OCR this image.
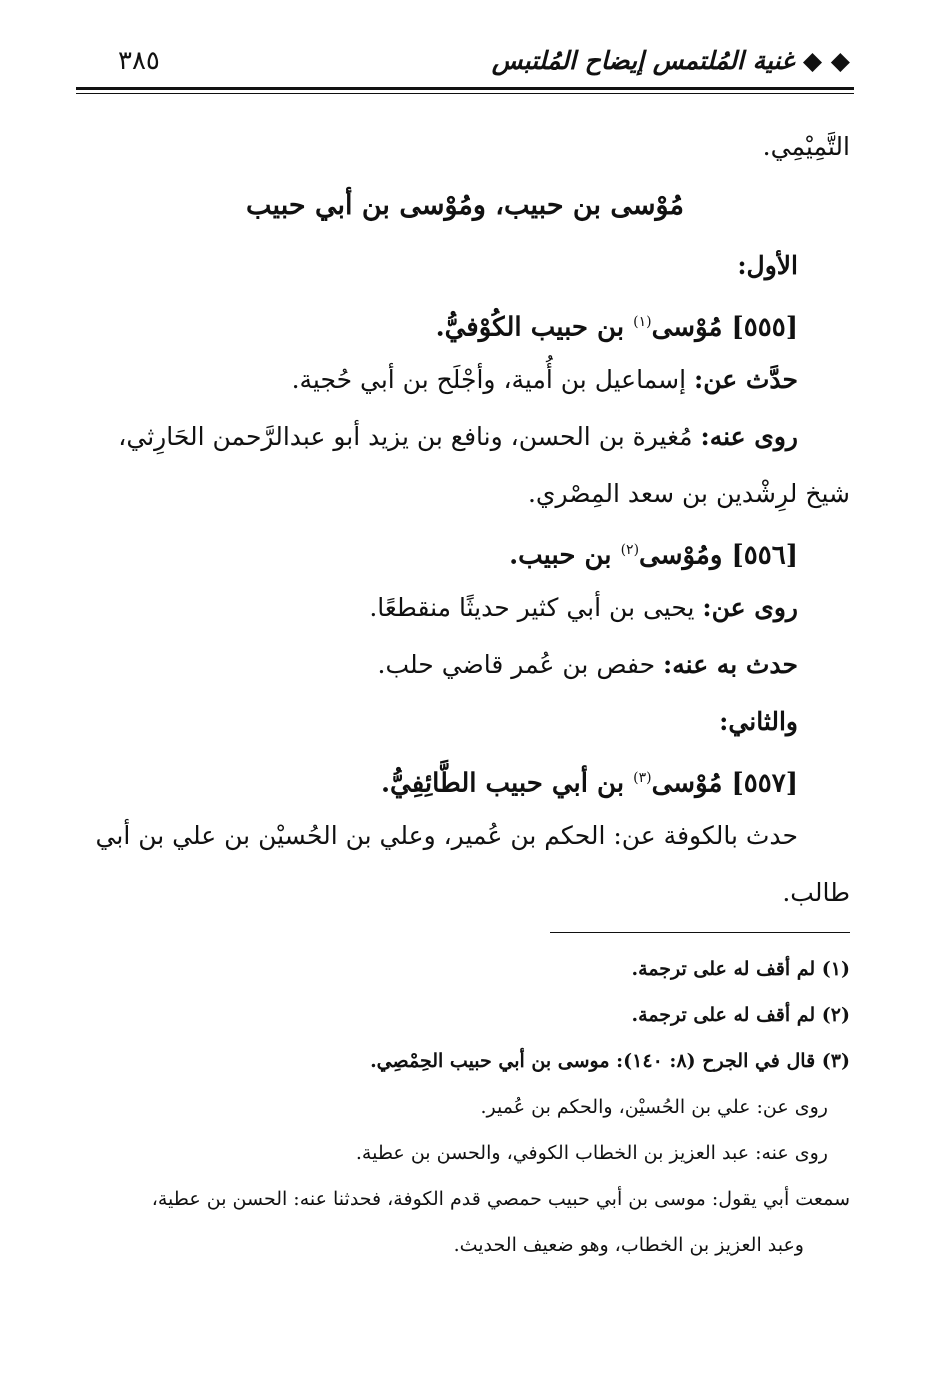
◆ ◆ غنية المُلتمس إيضاح المُلتبس
٣٨٥
التَّمِيْمِي.
مُوْسى بن حبيب، ومُوْسى بن أبي حبيب
الأول:
[٥٥٥] مُوْسى$^{(١)}$ بن حبيب الكُوْفيُّ.
حدَّث عن: إسماعيل بن أُمية، وأجْلَح بن أبي حُجية.
روى عنه: مُغيرة بن الحسن، ونافع بن يزيد أبو عبدالرَّحمن الحَارِثي،
شيخ لرِشْدين بن سعد المِصْري.
[٥٥٦] ومُوْسى$^{(٢)}$ بن حبيب.
روى عن: يحيى بن أبي كثير حديثًا منقطعًا.
حدث به عنه: حفص بن عُمر قاضي حلب.
والثاني:
[٥٥٧] مُوْسى$^{(٣)}$ بن أبي حبيب الطَّائِفِيُّ.
حدث بالكوفة عن: الحكم بن عُمير، وعلي بن الحُسيْن بن علي بن أبي
طالب.
(١) لم أقف له على ترجمة.
(٢) لم أقف له على ترجمة.
(٣) قال في الجرح (٨: ١٤٠): موسى بن أبي حبيب الحِمْصِي.
روى عن: علي بن الحُسيْن، والحكم بن عُمير.
روى عنه: عبد العزيز بن الخطاب الكوفي، والحسن بن عطية.
سمعت أبي يقول: موسى بن أبي حبيب حمصي قدم الكوفة، فحدثنا عنه: الحسن بن عطية،
وعبد العزيز بن الخطاب، وهو ضعيف الحديث.
